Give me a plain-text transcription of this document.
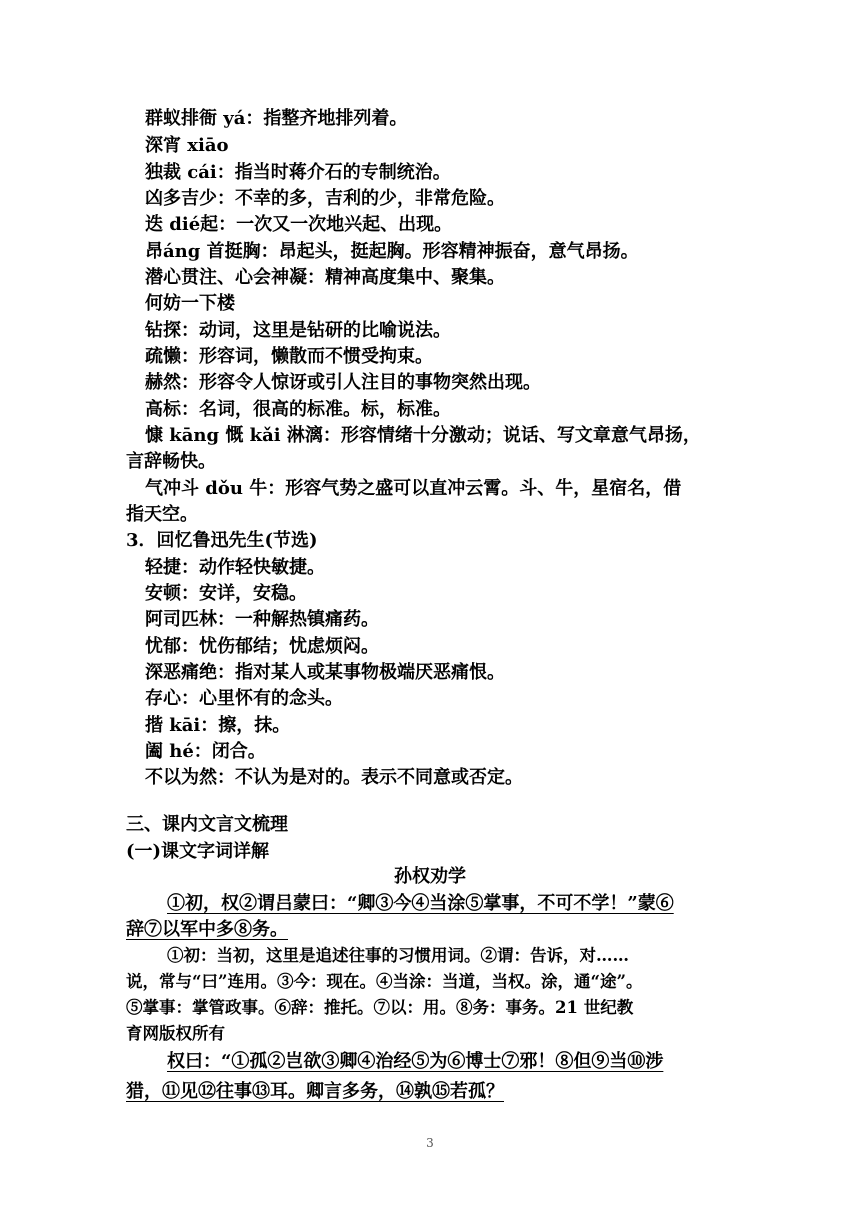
群蚁排衙 yá：指整齐地排列着。
深宵 xiāo
独裁 cái：指当时蒋介石的专制统治。
凶多吉少：不幸的多，吉利的少，非常危险。
迭 dié起：一次又一次地兴起、出现。
昂áng 首挺胸：昂起头，挺起胸。形容精神振奋，意气昂扬。
潜心贯注、心会神凝：精神高度集中、聚集。
何妨一下楼
钻探：动词，这里是钻研的比喻说法。
疏懒：形容词，懒散而不惯受拘束。
赫然：形容令人惊讶或引人注目的事物突然出现。
高标：名词，很高的标准。标，标准。
慷 kāng 慨 kǎi 淋漓：形容情绪十分激动；说话、写文章意气昂扬，
言辞畅快。
气冲斗 dǒu 牛：形容气势之盛可以直冲云霄。斗、牛，星宿名，借
指天空。
3．回忆鲁迅先生(节选)
轻捷：动作轻快敏捷。
安顿：安详，安稳。
阿司匹林：一种解热镇痛药。
忧郁：忧伤郁结；忧虑烦闷。
深恶痛绝：指对某人或某事物极端厌恶痛恨。
存心：心里怀有的念头。
揩 kāi：擦，抹。
阖 hé：闭合。
不以为然：不认为是对的。表示不同意或否定。
三、课内文言文梳理
(一)课文字词详解
孙权劝学
①初，权②谓吕蒙曰：“卿③今④当涂⑤掌事，不可不学！”蒙⑥
辞⑦以军中多⑧务。
①初：当初，这里是追述往事的习惯用词。②谓：告诉，对……
说，常与“曰”连用。③今：现在。④当涂：当道，当权。涂，通“途”。
⑤掌事：掌管政事。⑥辞：推托。⑦以：用。⑧务：事务。21 世纪教
育网版权所有
权曰：“①孤②岂欲③卿④治经⑤为⑥博士⑦邪！⑧但⑨当⑩涉
猎，⑪见⑫往事⑬耳。卿言多务，⑭孰⑮若孤？
3
